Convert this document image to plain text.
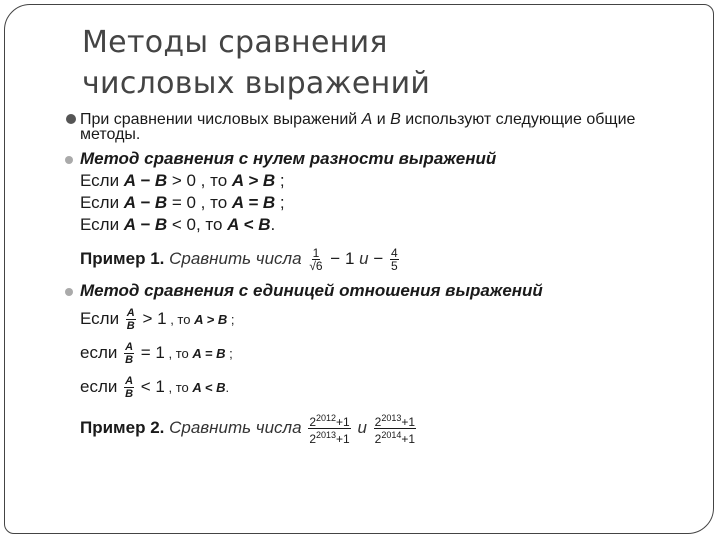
Методы сравнения
числовых выражений
При сравнении числовых выражений A и B используют следующие общие методы.
Метод сравнения с нулем разности выражений
Если A − B > 0 , то A > B ;
Если A − B = 0 , то A = B ;
Если A − B < 0, то A < B.
Пример 1. Сравнить числа $\frac{1}{√6} - 1$ $и - \frac{4}{5}$
Метод сравнения с единицей отношения выражений
Если $\frac{A}{B} > 1$ , то A > B ;
если $\frac{A}{B} = 1$ , то A = B ;
если $\frac{A}{B} < 1$ , то A < B.
Пример 2. Сравнить числа $\frac{2^{2012}+1}{2^{2013}+1}$ и $\frac{2^{2013}+1}{2^{2014}+1}$
